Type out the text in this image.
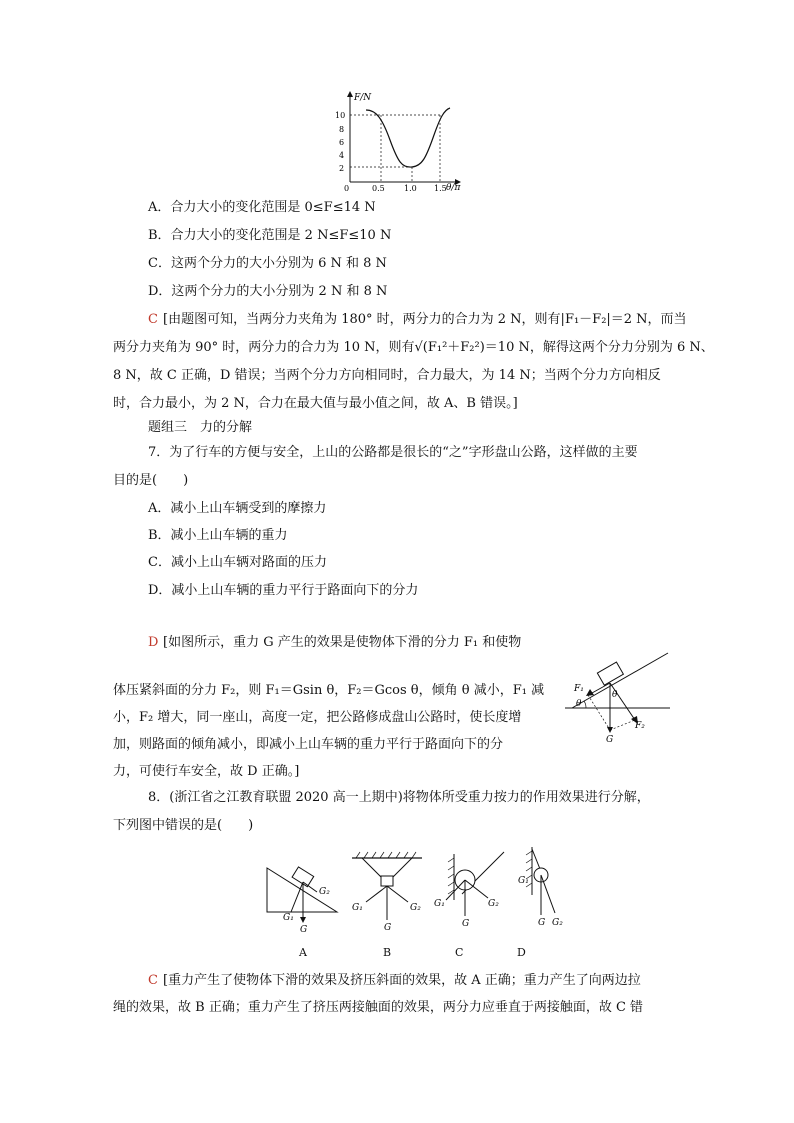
F/N
θ/π
10
8
6
4
2
0	0.5 1.0 1.5
A．合力大小的变化范围是 0≤F≤14 N
B．合力大小的变化范围是 2 N≤F≤10 N
C．这两个分力的大小分别为 6 N 和 8 N
D．这两个分力的大小分别为 2 N 和 8 N
C [由题图可知，当两分力夹角为 180° 时，两分力的合力为 2 N，则有|F₁－F₂|＝2 N，而当
两分力夹角为 90° 时，两分力的合力为 10 N，则有√(F₁²＋F₂²)＝10 N，解得这两个分力分别为 6 N、
8 N，故 C 正确，D 错误；当两个分力方向相同时，合力最大，为 14 N；当两个分力方向相反
时，合力最小，为 2 N，合力在最大值与最小值之间，故 A、B 错误。]
题组三　力的分解
7．为了行车的方便与安全，上山的公路都是很长的“之”字形盘山公路，这样做的主要
目的是(　　)
A．减小上山车辆受到的摩擦力
B．减小上山车辆的重力
C．减小上山车辆对路面的压力
D．减小上山车辆的重力平行于路面向下的分力
D [如图所示，重力 G 产生的效果是使物体下滑的分力 F₁ 和使物
体压紧斜面的分力 F₂，则 F₁＝Gsin θ，F₂＝Gcos θ，倾角 θ 减小，F₁ 减
小，F₂ 增大，同一座山，高度一定，把公路修成盘山公路时，使长度增
加，则路面的倾角减小，即减小上山车辆的重力平行于路面向下的分
力，可使行车安全，故 D 正确。]
F₁
F₂
G
θ
θ
8．(浙江省之江教育联盟 2020 高一上期中)将物体所受重力按力的作用效果进行分解，
下列图中错误的是(　　)
G₁
G₂
G
G₁	G₂
G
G₁	G₂
G
G₁
G G₂
A	B	C	D
C [重力产生了使物体下滑的效果及挤压斜面的效果，故 A 正确；重力产生了向两边拉
绳的效果，故 B 正确；重力产生了挤压两接触面的效果，两分力应垂直于两接触面，故 C 错
